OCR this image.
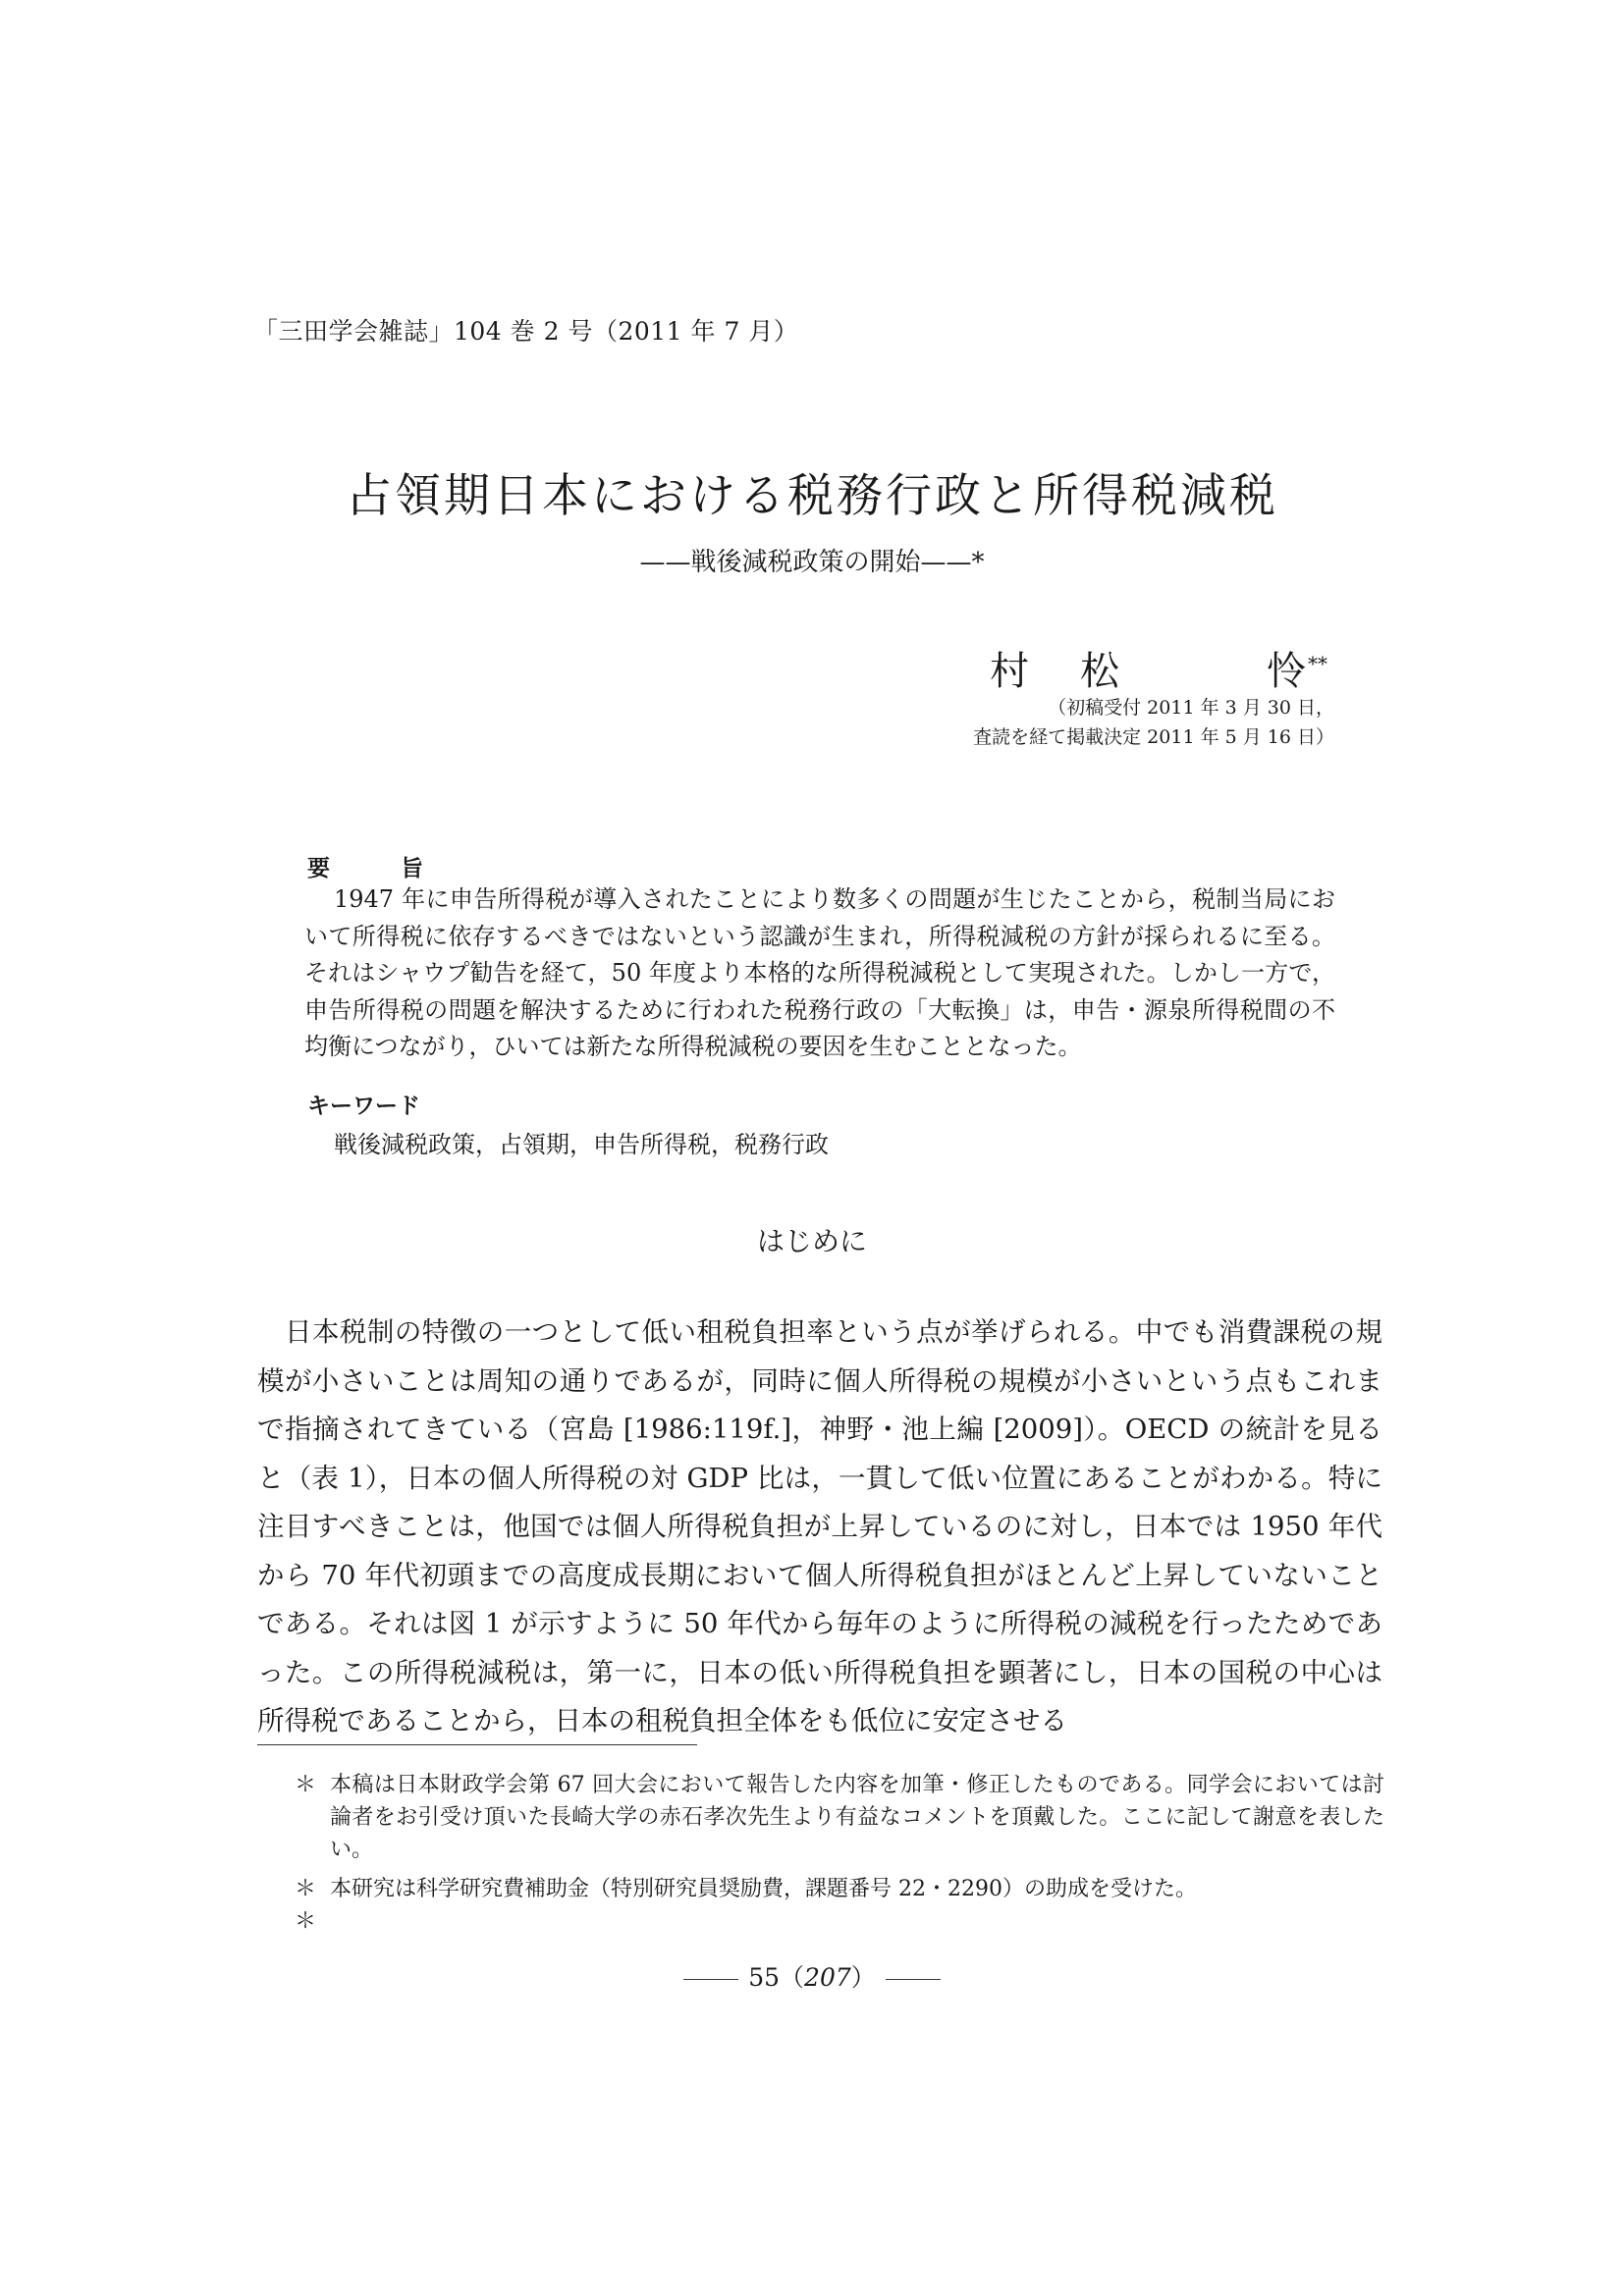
「三田学会雑誌」104 巻 2 号（2011 年 7 月）
占領期日本における税務行政と所得税減税
——戦後減税政策の開始——*
村 松	怜 **
（初稿受付 2011 年 3 月 30 日，
査読を経て掲載決定 2011 年 5 月 16 日）
要	旨
1947 年に申告所得税が導入されたことにより数多くの問題が生じたことから，税制当局において所得税に依存するべきではないという認識が生まれ，所得税減税の方針が採られるに至る。それはシャウプ勧告を経て，50 年度より本格的な所得税減税として実現された。しかし一方で，申告所得税の問題を解決するために行われた税務行政の「大転換」は，申告・源泉所得税間の不均衡につながり，ひいては新たな所得税減税の要因を生むこととなった。
キーワード
戦後減税政策，占領期，申告所得税，税務行政
はじめに
日本税制の特徴の一つとして低い租税負担率という点が挙げられる。中でも消費課税の規模が小さいことは周知の通りであるが，同時に個人所得税の規模が小さいという点もこれまで指摘されてきている（宮島 [1986:119f.]，神野・池上編 [2009]）。OECD の統計を見ると（表 1），日本の個人所得税の対 GDP 比は，一貫して低い位置にあることがわかる。特に注目すべきことは，他国では個人所得税負担が上昇しているのに対し，日本では 1950 年代から 70 年代初頭までの高度成長期において個人所得税負担がほとんど上昇していないことである。それは図 1 が示すように 50 年代から毎年のように所得税の減税を行ったためであった。この所得税減税は，第一に，日本の低い所得税負担を顕著にし，日本の国税の中心は所得税であることから，日本の租税負担全体をも低位に安定させる
＊ 本稿は日本財政学会第 67 回大会において報告した内容を加筆・修正したものである。同学会においては討論者をお引受け頂いた長崎大学の赤石孝次先生より有益なコメントを頂戴した。ここに記して謝意を表したい。
＊＊
本研究は科学研究費補助金（特別研究員奨励費，課題番号 22・2290）の助成を受けた。
55（207）
